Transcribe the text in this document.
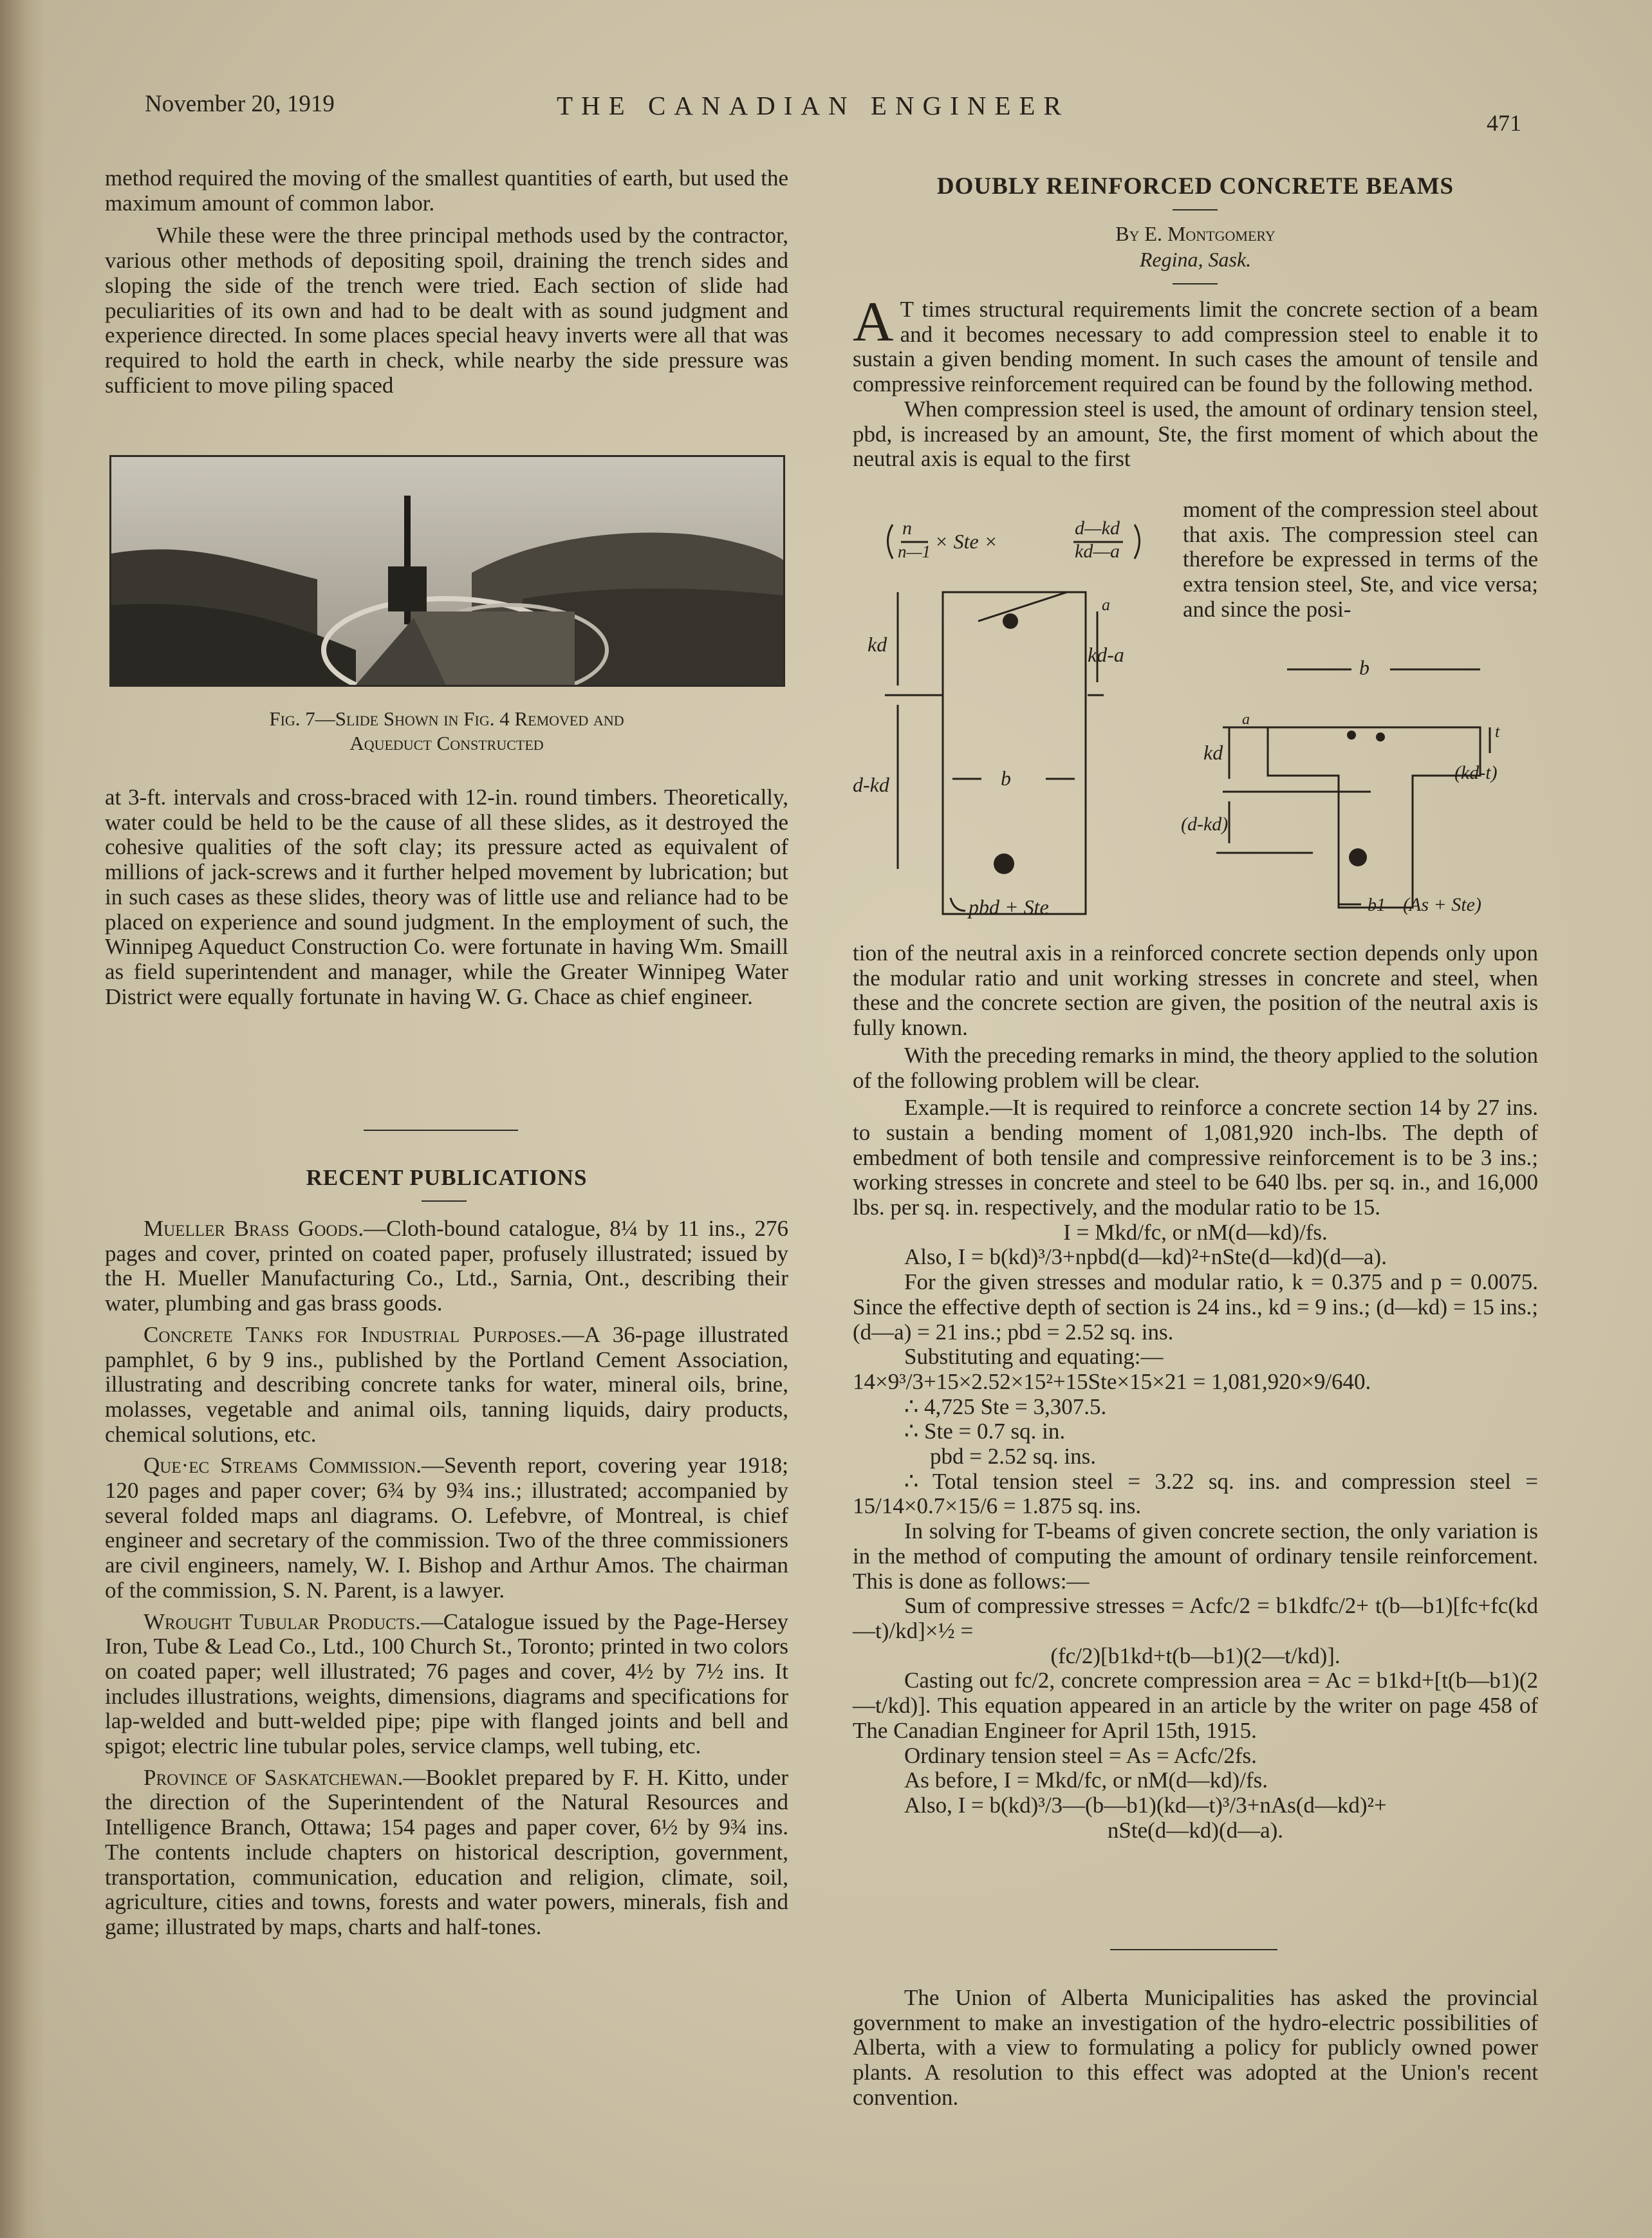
November 20, 1919	THE CANADIAN ENGINEER
471

method required the moving of the smallest quantities of earth, but used the maximum amount of common labor.

While these were the three principal methods used by the contractor, various other methods of depositing spoil, draining the trench sides and sloping the side of the trench were tried. Each section of slide had peculiarities of its own and had to be dealt with as sound judgment and experience directed. In some places special heavy inverts were all that was required to hold the earth in check, while nearby the side pressure was sufficient to move piling spaced

Fig. 7—Slide Shown in Fig. 4 Removed and
Aqueduct Constructed

at 3-ft. intervals and cross-braced with 12-in. round timbers. Theoretically, water could be held to be the cause of all these slides, as it destroyed the cohesive qualities of the soft clay; its pressure acted as equivalent of millions of jack-screws and it further helped movement by lubrication; but in such cases as these slides, theory was of little use and reliance had to be placed on experience and sound judgment. In the employment of such, the Winnipeg Aqueduct Construction Co. were fortunate in having Wm. Smaill as field superintendent and manager, while the Greater Winnipeg Water District were equally fortunate in having W. G. Chace as chief engineer.

RECENT PUBLICATIONS

Mueller Brass Goods.—Cloth-bound catalogue, 8¼ by 11 ins., 276 pages and cover, printed on coated paper, profusely illustrated; issued by the H. Mueller Manufacturing Co., Ltd., Sarnia, Ont., describing their water, plumbing and gas brass goods.

Concrete Tanks for Industrial Purposes.—A 36-page illustrated pamphlet, 6 by 9 ins., published by the Portland Cement Association, illustrating and describing concrete tanks for water, mineral oils, brine, molasses, vegetable and animal oils, tanning liquids, dairy products, chemical solutions, etc.

Que·ec Streams Commission.—Seventh report, covering year 1918; 120 pages and paper cover; 6¾ by 9¾ ins.; illustrated; accompanied by several folded maps anl diagrams. O. Lefebvre, of Montreal, is chief engineer and secretary of the commission. Two of the three commissioners are civil engineers, namely, W. I. Bishop and Arthur Amos. The chairman of the commission, S. N. Parent, is a lawyer.

Wrought Tubular Products.—Catalogue issued by the Page-Hersey Iron, Tube & Lead Co., Ltd., 100 Church St., Toronto; printed in two colors on coated paper; well illustrated; 76 pages and cover, 4½ by 7½ ins. It includes illustrations, weights, dimensions, diagrams and specifications for lap-welded and butt-welded pipe; pipe with flanged joints and bell and spigot; electric line tubular poles, service clamps, well tubing, etc.

Province of Saskatchewan.—Booklet prepared by F. H. Kitto, under the direction of the Superintendent of the Natural Resources and Intelligence Branch, Ottawa; 154 pages and paper cover, 6½ by 9¾ ins. The contents include chapters on historical description, government, transportation, communication, education and religion, climate, soil, agriculture, cities and towns, forests and water powers, minerals, fish and game; illustrated by maps, charts and half-tones.

DOUBLY REINFORCED CONCRETE BEAMS
By E. Montgomery
Regina, Sask.

A T times structural requirements limit the concrete section of a beam and it becomes necessary to add compression steel to enable it to sustain a given bending moment. In such cases the amount of tensile and compressive reinforcement required can be found by the following method.

When compression steel is used, the amount of ordinary tension steel, pbd, is increased by an amount, Ste, the first moment of which about the neutral axis is equal to the first

moment of the compression steel about that axis. The compression steel can therefore be expressed in terms of the extra tension steel, Ste, and vice versa; and since the posi-

n
n—1 × Ste ×
d—kd
kd—a
a
kd	kd-a
d-kd	b
pbd + Ste
b
a
t
kd
(kd-t)
(d-kd)
b1 (As + Ste)

tion of the neutral axis in a reinforced concrete section depends only upon the modular ratio and unit working stresses in concrete and steel, when these and the concrete section are given, the position of the neutral axis is fully known.

With the preceding remarks in mind, the theory applied to the solution of the following problem will be clear.

Example.—It is required to reinforce a concrete section 14 by 27 ins. to sustain a bending moment of 1,081,920 inch-lbs. The depth of embedment of both tensile and compressive reinforcement is to be 3 ins.; working stresses in concrete and steel to be 640 lbs. per sq. in., and 16,000 lbs. per sq. in. respectively, and the modular ratio to be 15.

I = Mkd/fc, or nM(d—kd)/fs.

Also, I = b(kd)³/3+npbd(d—kd)²+nSte(d—kd)(d—a).

For the given stresses and modular ratio, k = 0.375 and p = 0.0075. Since the effective depth of section is 24 ins., kd = 9 ins.; (d—kd) = 15 ins.; (d—a) = 21 ins.; pbd = 2.52 sq. ins.

Substituting and equating:—

14×9³/3+15×2.52×15²+15Ste×15×21 = 1,081,920×9/640.

∴ 4,725 Ste = 3,307.5.

∴ Ste = 0.7 sq. in.

pbd = 2.52 sq. ins.

∴ Total tension steel = 3.22 sq. ins. and compression steel = 15/14×0.7×15/6 = 1.875 sq. ins.

In solving for T-beams of given concrete section, the only variation is in the method of computing the amount of ordinary tensile reinforcement. This is done as follows:—

Sum of compressive stresses = Acfc/2 = b1kdfc/2+ t(b—b1)[fc+fc(kd—t)/kd]×½ =

(fc/2)[b1kd+t(b—b1)(2—t/kd)].

Casting out fc/2, concrete compression area = Ac = b1kd+[t(b—b1)(2—t/kd)]. This equation appeared in an article by the writer on page 458 of The Canadian Engineer for April 15th, 1915.

Ordinary tension steel = As = Acfc/2fs.

As before, I = Mkd/fc, or nM(d—kd)/fs.

Also, I = b(kd)³/3—(b—b1)(kd—t)³/3+nAs(d—kd)²+

nSte(d—kd)(d—a).

The Union of Alberta Municipalities has asked the provincial government to make an investigation of the hydro-electric possibilities of Alberta, with a view to formulating a policy for publicly owned power plants. A resolution to this effect was adopted at the Union's recent convention.
